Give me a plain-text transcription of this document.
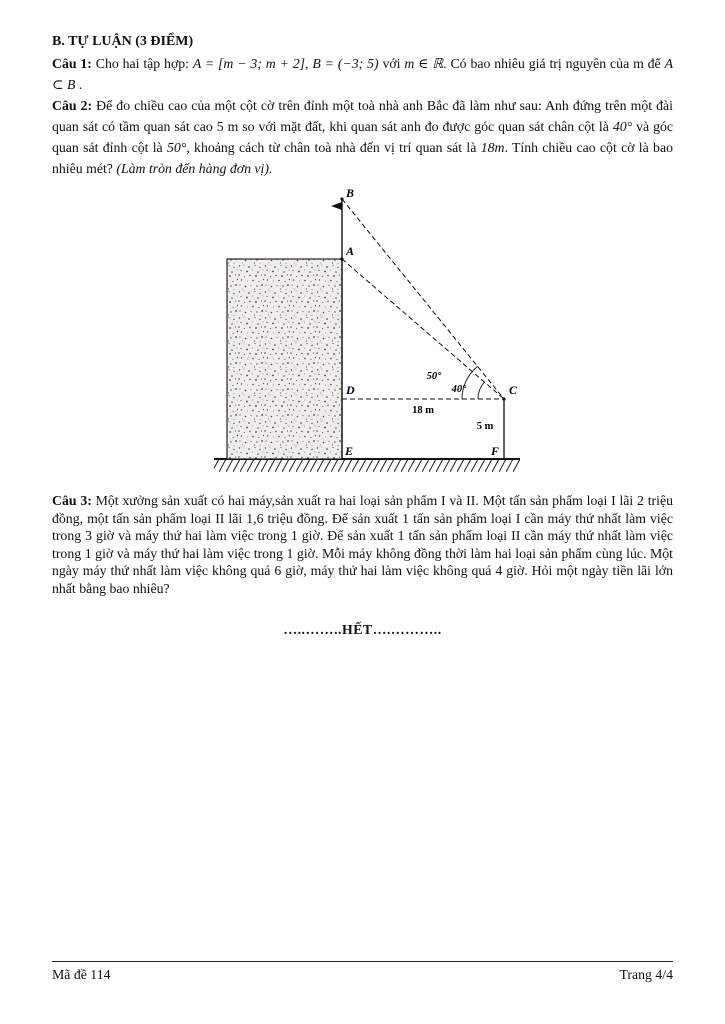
B. TỰ LUẬN (3 ĐIỂM)

Câu 1: Cho hai tập hợp: A = [m − 3; m + 2], B = (−3; 5) với m ∈ ℝ. Có bao nhiêu giá trị nguyên của m để A ⊂ B .

Câu 2: Để đo chiều cao của một cột cờ trên đỉnh một toà nhà anh Bắc đã làm như sau: Anh đứng trên một đài quan sát có tầm quan sát cao 5 m so với mặt đất, khi quan sát anh đo được góc quan sát chân cột là 40° và góc quan sát đỉnh cột là 50°, khoảng cách từ chân toà nhà đến vị trí quan sát là 18m. Tính chiều cao cột cờ là bao nhiêu mét? (Làm tròn đến hàng đơn vị).

B
A
D	C
E	F
50°
40°
18 m
5 m

Câu 3: Một xưởng sản xuất có hai máy,sản xuất ra hai loại sản phẩm I và II. Một tấn sản phẩm loại I lãi 2 triệu đồng, một tấn sản phẩm loại II lãi 1,6 triệu đồng. Để sản xuất 1 tấn sản phẩm loại I cần máy thứ nhất làm việc trong 3 giờ và máy thứ hai làm việc trong 1 giờ. Để sản xuất 1 tấn sản phẩm loại II cần máy thứ nhất làm việc trong 1 giờ và máy thứ hai làm việc trong 1 giờ. Mỗi máy không đồng thời làm hai loại sản phẩm cùng lúc. Một ngày máy thứ nhất làm việc không quá 6 giờ, máy thứ hai làm việc không quá 4 giờ. Hỏi một ngày tiền lãi lớn nhất bằng bao nhiêu?

…..……..HẾT….………..
Mã đề 114	Trang 4/4
